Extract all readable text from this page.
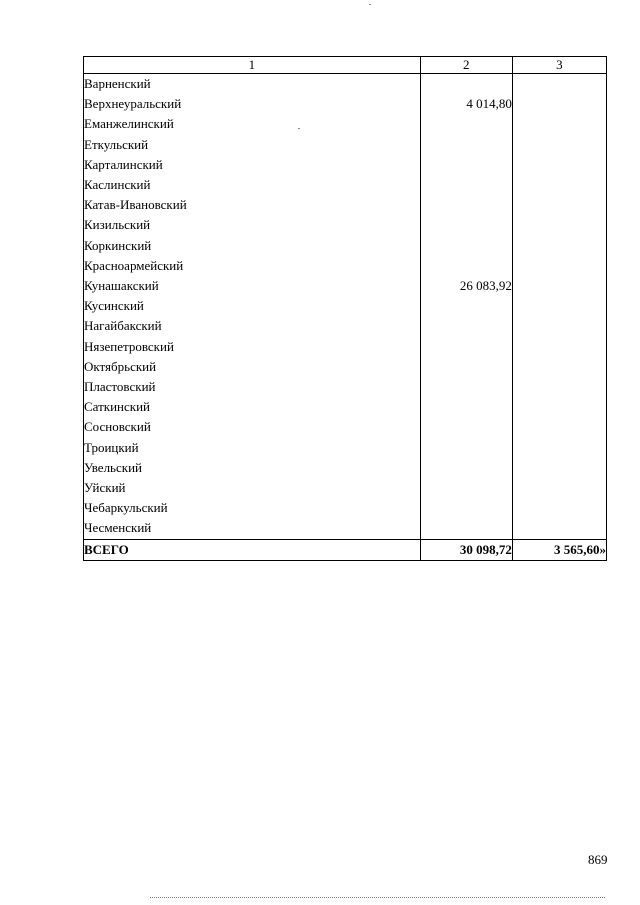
1	2	3
Варненский		
Верхнеуральский	4 014,80	
Еманжелинский		
Еткульский		
Карталинский		
Каслинский		
Катав-Ивановский		
Кизильский		
Коркинский		
Красноармейский		
Кунашакский	26 083,92	
Кусинский		
Нагайбакский		
Нязепетровский		
Октябрьский		
Пластовский		
Саткинский		
Сосновский		
Троицкий		
Увельский		
Уйский		
Чебаркульский		
Чесменский		
ВСЕГО	30 098,72	3 565,60»
869
